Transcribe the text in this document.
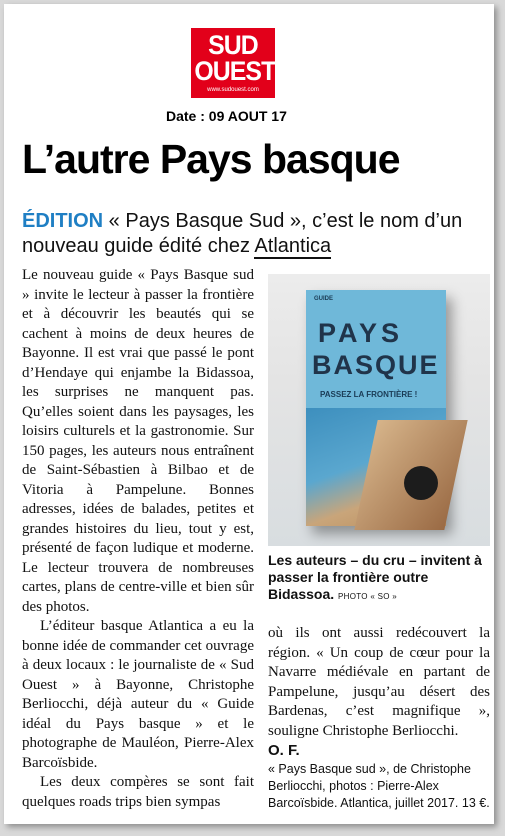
SUD
OUEST
www.sudouest.com
Date : 09 AOUT 17
L’autre Pays basque
ÉDITION « Pays Basque Sud », c’est le nom d’un nouveau guide édité chez Atlantica

Le nouveau guide « Pays Basque sud » invite le lecteur à passer la frontière et à découvrir les beautés qui se cachent à moins de deux heures de Bayonne. Il est vrai que passé le pont d’Hendaye qui enjambe la Bidassoa, les surprises ne manquent pas. Qu’elles soient dans les paysages, les loisirs culturels et la gastronomie. Sur 150 pages, les auteurs nous entraînent de Saint-Sébastien à Bilbao et de Vitoria à Pampelune. Bonnes adresses, idées de balades, petites et grandes histoires du lieu, tout y est, présenté de façon ludique et moderne. Le lecteur trouvera de nombreuses cartes, plans de centre-ville et bien sûr des photos.

L’éditeur basque Atlantica a eu la bonne idée de commander cet ouvrage à deux locaux : le journaliste de « Sud Ouest » à Bayonne, Christophe Berliocchi, déjà auteur du « Guide idéal du Pays basque » et le photographe de Mauléon, Pierre-Alex Barcoïsbide.

Les deux compères se sont fait quelques roads trips bien sympas

GUIDE
PAYS
BASQUE
PASSEZ LA FRONTIÈRE !
Les auteurs – du cru – invitent à passer la frontière outre Bidassoa. PHOTO « SO »

où ils ont aussi redécouvert la région. « Un coup de cœur pour la Navarre médiévale en partant de Pampelune, jusqu’au désert des Bardenas, c’est magnifique », souligne Christophe Berliocchi.

O. F.

« Pays Basque sud », de Christophe Berliocchi, photos : Pierre-Alex Barcoïsbide. Atlantica, juillet 2017. 13 €.
